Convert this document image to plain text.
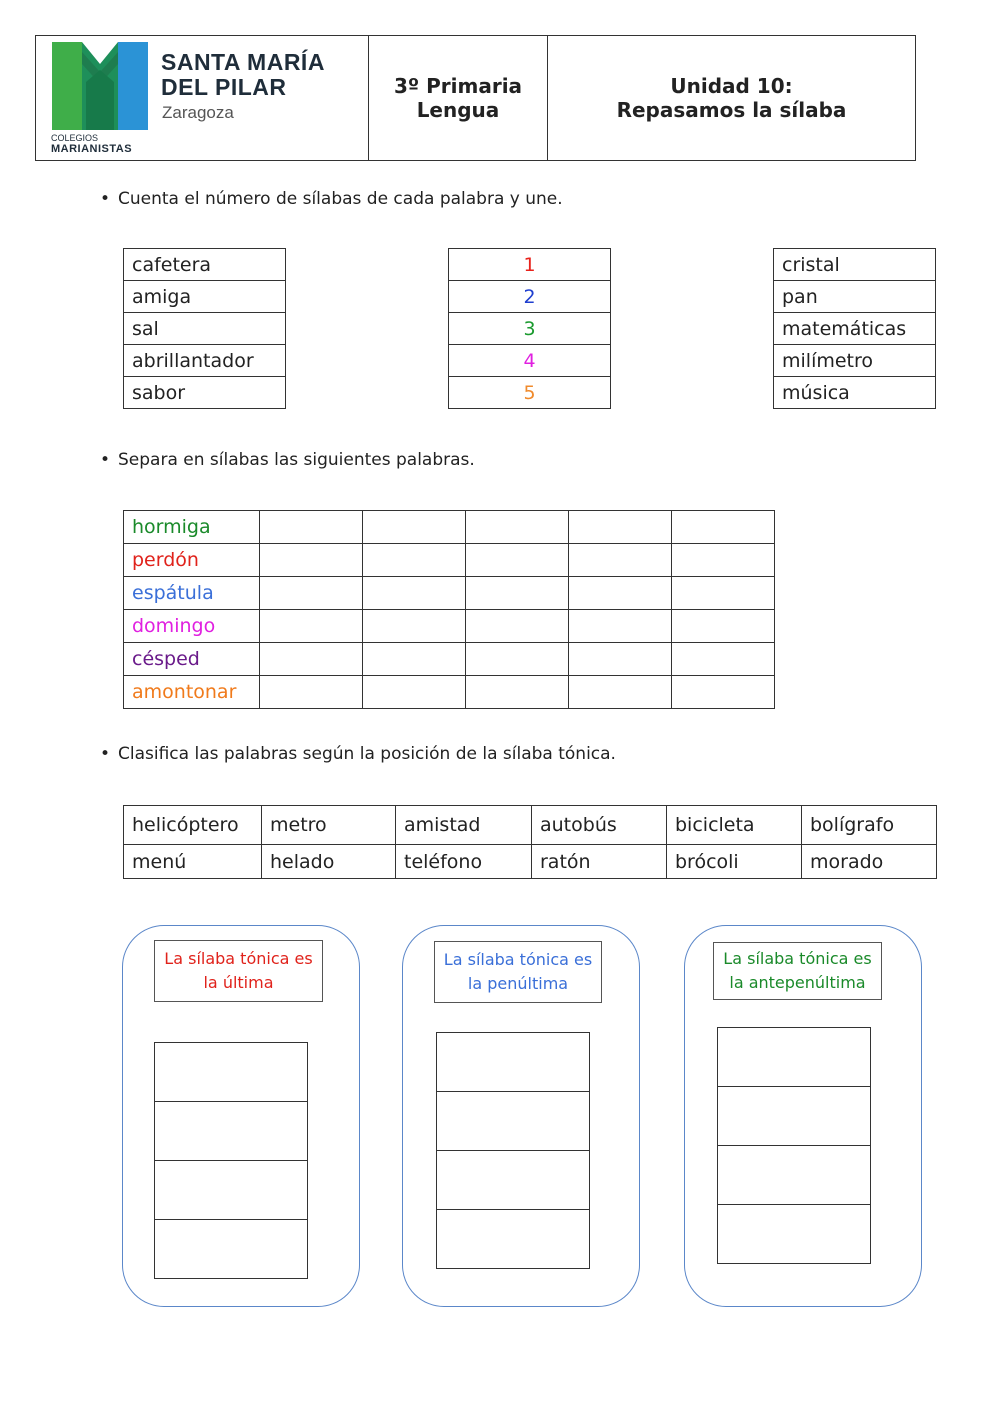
COLEGIOS
MARIANISTAS
SANTA MARÍA
DEL PILAR
Zaragoza
3º Primaria
Lengua
Unidad 10:
Repasamos la sílaba
• Cuenta el número de sílabas de cada palabra y une.
cafetera
amiga
sal
abrillantador
sabor
1
2
3
4
5
cristal
pan
matemáticas
milímetro
música
• Separa en sílabas las siguientes palabras.
hormiga					
perdón					
espátula					
domingo					
césped					
amontonar					
• Clasifica las palabras según la posición de la sílaba tónica.
helicóptero	metro	amistad	autobús	bicicleta	bolígrafo
menú	helado	teléfono	ratón	brócoli	morado
La sílaba tónica es
la última

La sílaba tónica es
la penúltima

La sílaba tónica es
la antepenúltima
